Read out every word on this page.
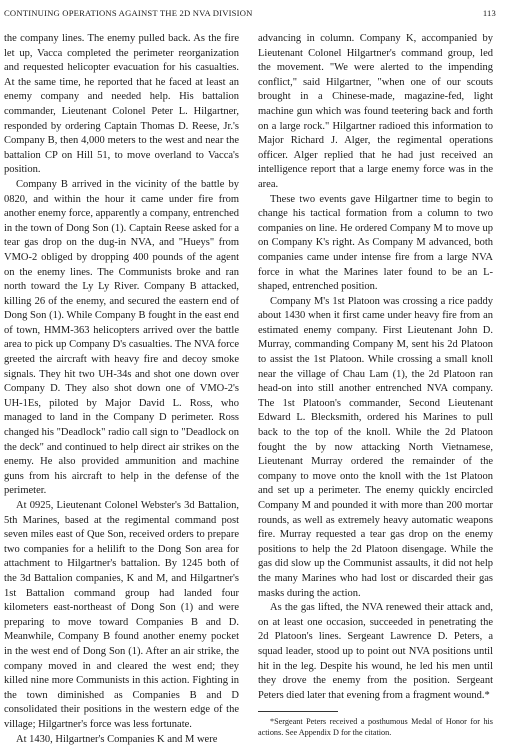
CONTINUING OPERATIONS AGAINST THE 2D NVA DIVISION	113

the company lines. The enemy pulled back. As the fire let up, Vacca completed the perimeter reorganization and requested helicopter evacuation for his casualties. At the same time, he reported that he faced at least an enemy company and needed help. His battalion commander, Lieutenant Colonel Peter L. Hilgartner, responded by ordering Captain Thomas D. Reese, Jr.'s Company B, then 4,000 meters to the west and near the battalion CP on Hill 51, to move overland to Vacca's position.

Company B arrived in the vicinity of the battle by 0820, and within the hour it came under fire from another enemy force, apparently a company, entrenched in the town of Dong Son (1). Captain Reese asked for a tear gas drop on the dug-in NVA, and "Hueys" from VMO-2 obliged by dropping 400 pounds of the agent on the enemy lines. The Communists broke and ran north toward the Ly Ly River. Company B attacked, killing 26 of the enemy, and secured the eastern end of Dong Son (1). While Company B fought in the east end of town, HMM-363 helicopters arrived over the battle area to pick up Company D's casualties. The NVA force greeted the aircraft with heavy fire and decoy smoke signals. They hit two UH-34s and shot one down over Company D. They also shot down one of VMO-2's UH-1Es, piloted by Major David L. Ross, who managed to land in the Company D perimeter. Ross changed his "Deadlock" radio call sign to "Deadlock on the deck" and continued to help direct air strikes on the enemy. He also provided ammunition and machine guns from his aircraft to help in the defense of the perimeter.

At 0925, Lieutenant Colonel Webster's 3d Battalion, 5th Marines, based at the regimental command post seven miles east of Que Son, received orders to prepare two companies for a helilift to the Dong Son area for attachment to Hilgartner's battalion. By 1245 both of the 3d Battalion companies, K and M, and Hilgartner's 1st Battalion command group had landed four kilometers east-northeast of Dong Son (1) and were preparing to move toward Companies B and D. Meanwhile, Company B found another enemy pocket in the west end of Dong Son (1). After an air strike, the company moved in and cleared the west end; they killed nine more Communists in this action. Fighting in the town diminished as Companies B and D consolidated their positions in the western edge of the village; Hilgartner's force was less fortunate.

At 1430, Hilgartner's Companies K and M were

advancing in column. Company K, accompanied by Lieutenant Colonel Hilgartner's command group, led the movement. "We were alerted to the impending conflict," said Hilgartner, "when one of our scouts brought in a Chinese-made, magazine-fed, light machine gun which was found teetering back and forth on a large rock." Hilgartner radioed this information to Major Richard J. Alger, the regimental operations officer. Alger replied that he had just received an intelligence report that a large enemy force was in the area.

These two events gave Hilgartner time to begin to change his tactical formation from a column to two companies on line. He ordered Company M to move up on Company K's right. As Company M advanced, both companies came under intense fire from a large NVA force in what the Marines later found to be an L-shaped, entrenched position.

Company M's 1st Platoon was crossing a rice paddy about 1430 when it first came under heavy fire from an estimated enemy company. First Lieutenant John D. Murray, commanding Company M, sent his 2d Platoon to assist the 1st Platoon. While crossing a small knoll near the village of Chau Lam (1), the 2d Platoon ran head-on into still another entrenched NVA company. The 1st Platoon's commander, Second Lieutenant Edward L. Blecksmith, ordered his Marines to pull back to the top of the knoll. While the 2d Platoon fought the by now attacking North Vietnamese, Lieutenant Murray ordered the remainder of the company to move onto the knoll with the 1st Platoon and set up a perimeter. The enemy quickly encircled Company M and pounded it with more than 200 mortar rounds, as well as extremely heavy automatic weapons fire. Murray requested a tear gas drop on the enemy positions to help the 2d Platoon disengage. While the gas did slow up the Communist assaults, it did not help the many Marines who had lost or discarded their gas masks during the action.

As the gas lifted, the NVA renewed their attack and, on at least one occasion, succeeded in penetrating the 2d Platoon's lines. Sergeant Lawrence D. Peters, a squad leader, stood up to point out NVA positions until hit in the leg. Despite his wound, he led his men until they drove the enemy from the position. Sergeant Peters died later that evening from a fragment wound.*

*Sergeant Peters received a posthumous Medal of Honor for his actions. See Appendix D for the citation.
